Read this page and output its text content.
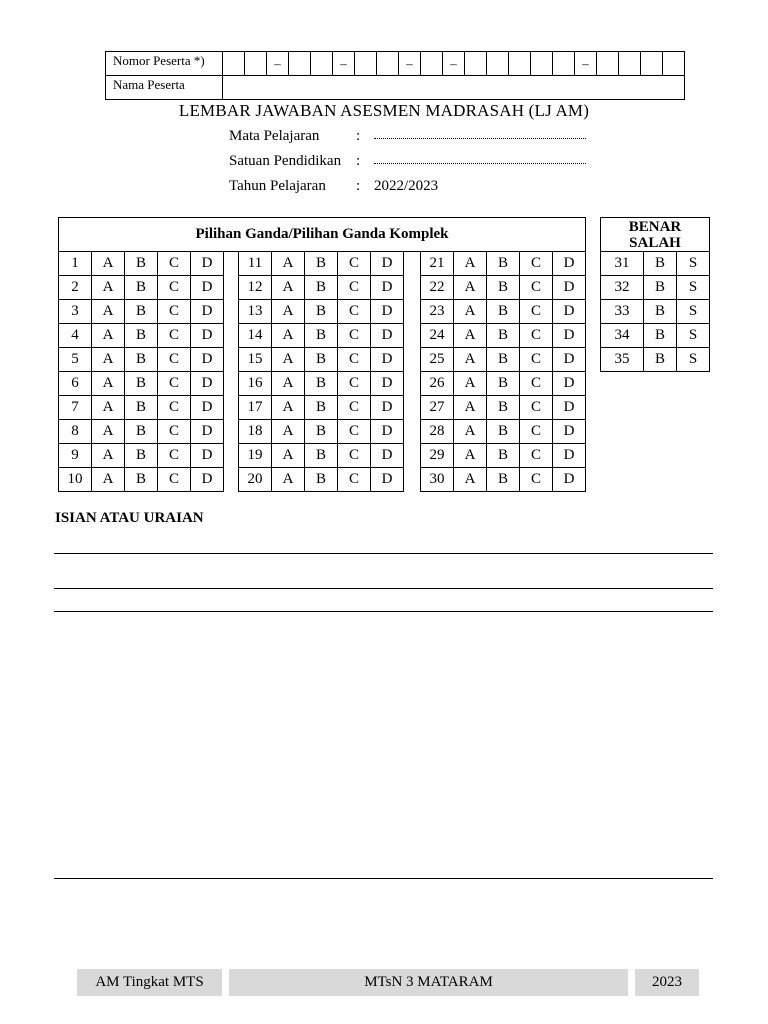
Nomor Peserta *)			–			–			–		–						–				
Nama Peserta																					
LEMBAR JAWABAN ASESMEN MADRASAH (LJ AM)
Mata Pelajaran :
Satuan Pendidikan :
Tahun Pelajaran : 2022/2023
Pilihan Ganda/Pilihan Ganda Komplek																
1	A	B	C	D		11	A	B	C	D		21	A	B	C	D
2	A	B	C	D		12	A	B	C	D		22	A	B	C	D
3	A	B	C	D		13	A	B	C	D		23	A	B	C	D
4	A	B	C	D		14	A	B	C	D		24	A	B	C	D
5	A	B	C	D		15	A	B	C	D		25	A	B	C	D
6	A	B	C	D		16	A	B	C	D		26	A	B	C	D
7	A	B	C	D		17	A	B	C	D		27	A	B	C	D
8	A	B	C	D		18	A	B	C	D		28	A	B	C	D
9	A	B	C	D		19	A	B	C	D		29	A	B	C	D
10	A	B	C	D		20	A	B	C	D		30	A	B	C	D
BENAR
SALAH		

31	B	S
32	B	S
33	B	S
34	B	S
35	B	S
ISIAN ATAU URAIAN
AM Tingkat MTS	MTsN 3 MATARAM	2023
